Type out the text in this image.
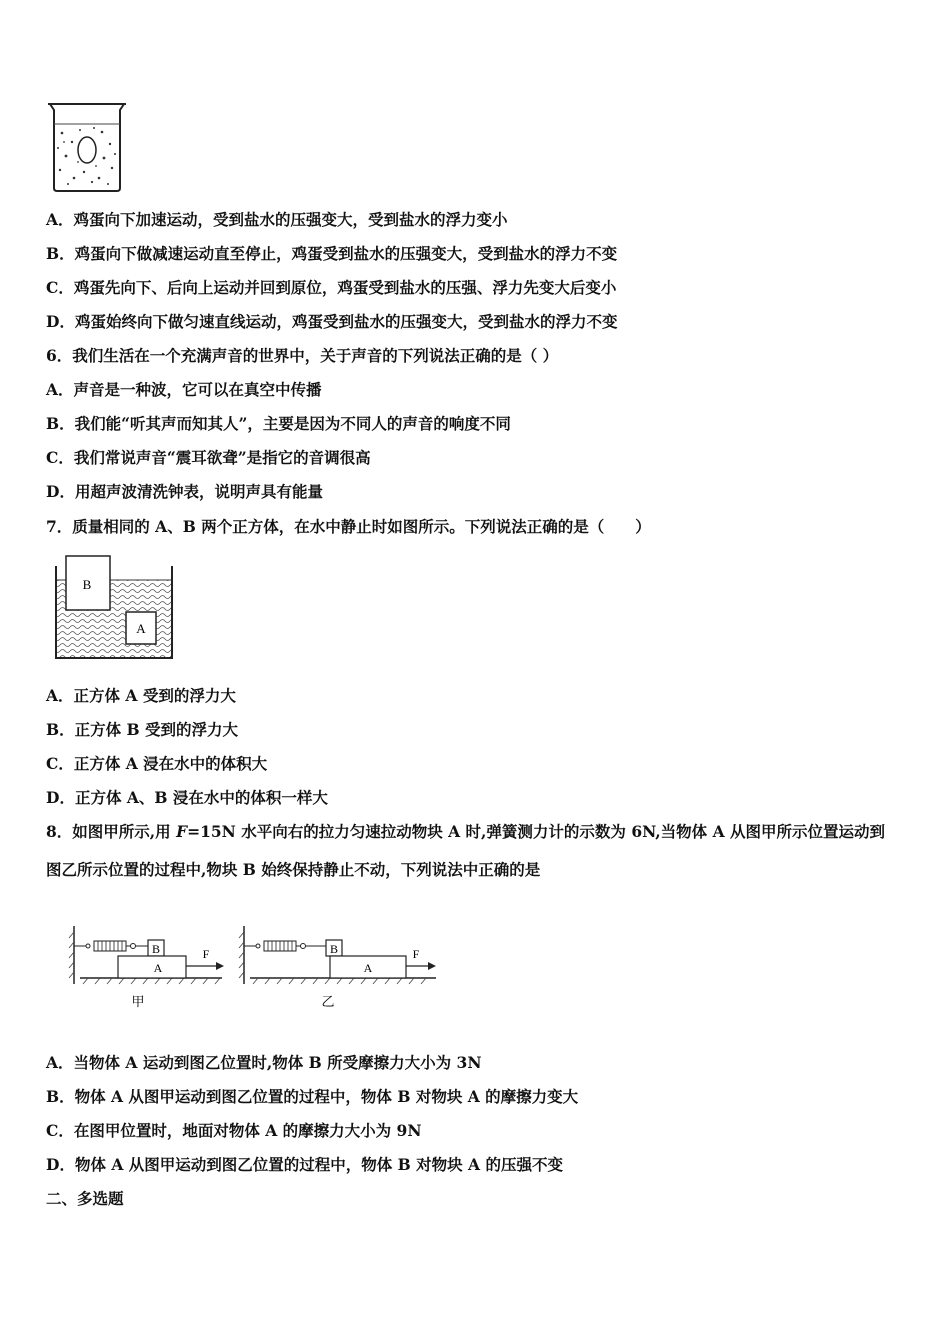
A．鸡蛋向下加速运动，受到盐水的压强变大，受到盐水的浮力变小
B．鸡蛋向下做减速运动直至停止，鸡蛋受到盐水的压强变大，受到盐水的浮力不变
C．鸡蛋先向下、后向上运动并回到原位，鸡蛋受到盐水的压强、浮力先变大后变小
D．鸡蛋始终向下做匀速直线运动，鸡蛋受到盐水的压强变大，受到盐水的浮力不变
6．我们生活在一个充满声音的世界中，关于声音的下列说法正确的是（ ）
A．声音是一种波，它可以在真空中传播
B．我们能“听其声而知其人”，主要是因为不同人的声音的响度不同
C．我们常说声音“震耳欲聋”是指它的音调很高
D．用超声波清洗钟表，说明声具有能量
7．质量相同的 A、B 两个正方体，在水中静止时如图所示。下列说法正确的是（　　）
B
A
A．正方体 A 受到的浮力大
B．正方体 B 受到的浮力大
C．正方体 A 浸在水中的体积大
D．正方体 A、B 浸在水中的体积一样大
8．如图甲所示,用 F=15N 水平向右的拉力匀速拉动物块 A 时,弹簧测力计的示数为 6N,当物体 A 从图甲所示位置运动到
图乙所示位置的过程中,物块 B 始终保持静止不动，下列说法中正确的是
B
A
F
甲
B
A
F
乙
A．当物体 A 运动到图乙位置时,物体 B 所受摩擦力大小为 3N
B．物体 A 从图甲运动到图乙位置的过程中，物体 B 对物块 A 的摩擦力变大
C．在图甲位置时，地面对物体 A 的摩擦力大小为 9N
D．物体 A 从图甲运动到图乙位置的过程中，物体 B 对物块 A 的压强不变
二、多选题
